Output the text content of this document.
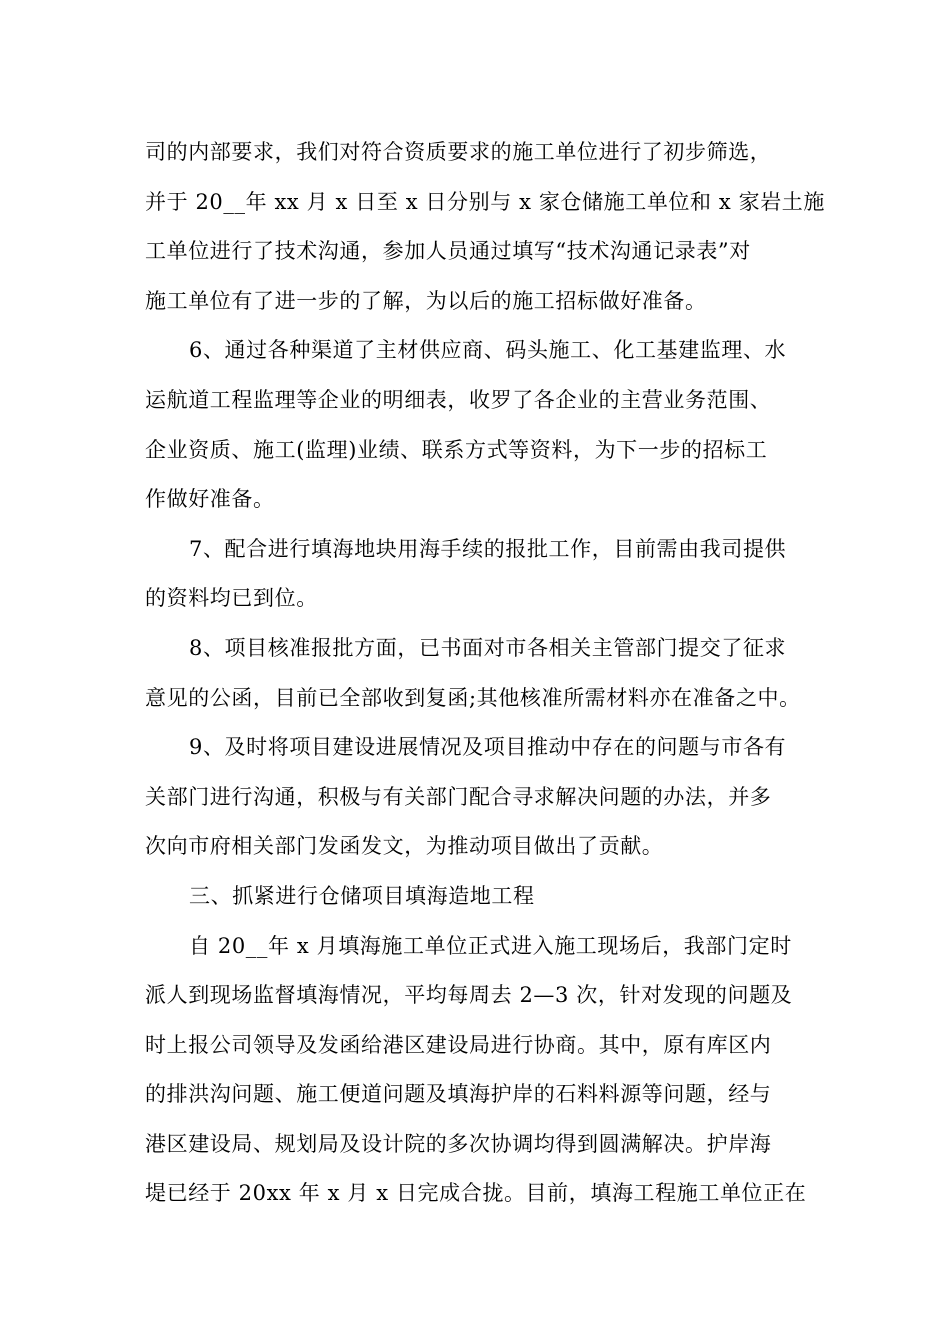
司的内部要求，我们对符合资质要求的施工单位进行了初步筛选，
并于 20__年 xx 月 x 日至 x 日分别与 x 家仓储施工单位和 x 家岩土施
工单位进行了技术沟通，参加人员通过填写“技术沟通记录表”对
施工单位有了进一步的了解，为以后的施工招标做好准备。
6、通过各种渠道了主材供应商、码头施工、化工基建监理、水
运航道工程监理等企业的明细表，收罗了各企业的主营业务范围、
企业资质、施工(监理)业绩、联系方式等资料，为下一步的招标工
作做好准备。
7、配合进行填海地块用海手续的报批工作，目前需由我司提供
的资料均已到位。
8、项目核准报批方面，已书面对市各相关主管部门提交了征求
意见的公函，目前已全部收到复函;其他核准所需材料亦在准备之中。
9、及时将项目建设进展情况及项目推动中存在的问题与市各有
关部门进行沟通，积极与有关部门配合寻求解决问题的办法，并多
次向市府相关部门发函发文，为推动项目做出了贡献。
三、抓紧进行仓储项目填海造地工程
自 20__年 x 月填海施工单位正式进入施工现场后，我部门定时
派人到现场监督填海情况，平均每周去 2—3 次，针对发现的问题及
时上报公司领导及发函给港区建设局进行协商。其中，原有库区内
的排洪沟问题、施工便道问题及填海护岸的石料料源等问题，经与
港区建设局、规划局及设计院的多次协调均得到圆满解决。护岸海
堤已经于 20xx 年 x 月 x 日完成合拢。目前，填海工程施工单位正在
